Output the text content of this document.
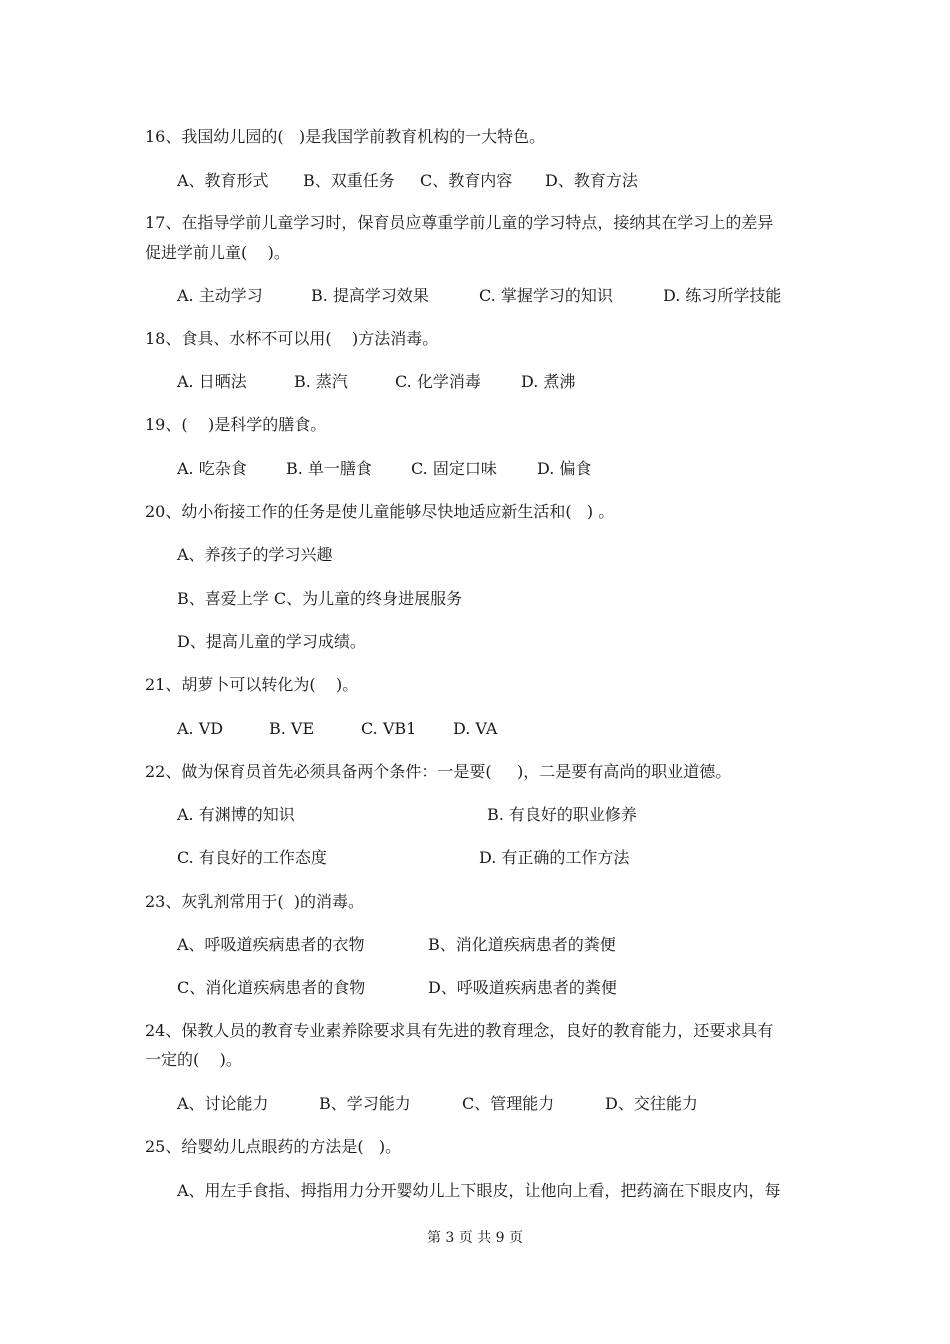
16、我国幼儿园的(   )是我国学前教育机构的一大特色。
A、教育形式 B、双重任务 C、教育内容 D、教育方法
17、在指导学前儿童学习时，保育员应尊重学前儿童的学习特点，接纳其在学习上的差异
促进学前儿童(    )。
A. 主动学习	B. 提高学习效果	C. 掌握学习的知识	D. 练习所学技能
18、食具、水杯不可以用(    )方法消毒。
A. 日晒法	B. 蒸汽	C. 化学消毒	D. 煮沸
19、(    )是科学的膳食。
A. 吃杂食 B. 单一膳食 C. 固定口味	D. 偏食
20、幼小衔接工作的任务是使儿童能够尽快地适应新生活和(   ) 。
A、养孩子的学习兴趣
B、喜爱上学 C、为儿童的终身进展服务
D、提高儿童的学习成绩。
21、胡萝卜可以转化为(    )。
A. VD	B. VE	C. VB1 D. VA
22、做为保育员首先必须具备两个条件：一是要(     )，二是要有高尚的职业道德。
A. 有渊博的知识	B. 有良好的职业修养
C. 有良好的工作态度	D. 有正确的工作方法
23、灰乳剂常用于(  )的消毒。
A、呼吸道疾病患者的衣物	B、消化道疾病患者的粪便
C、消化道疾病患者的食物	D、呼吸道疾病患者的粪便
24、保教人员的教育专业素养除要求具有先进的教育理念，良好的教育能力，还要求具有
一定的(    )。
A、讨论能力	B、学习能力	C、管理能力	D、交往能力
25、给婴幼儿点眼药的方法是(   )。
A、用左手食指、拇指用力分开婴幼儿上下眼皮，让他向上看，把药滴在下眼皮内，每
第 3 页 共 9 页
